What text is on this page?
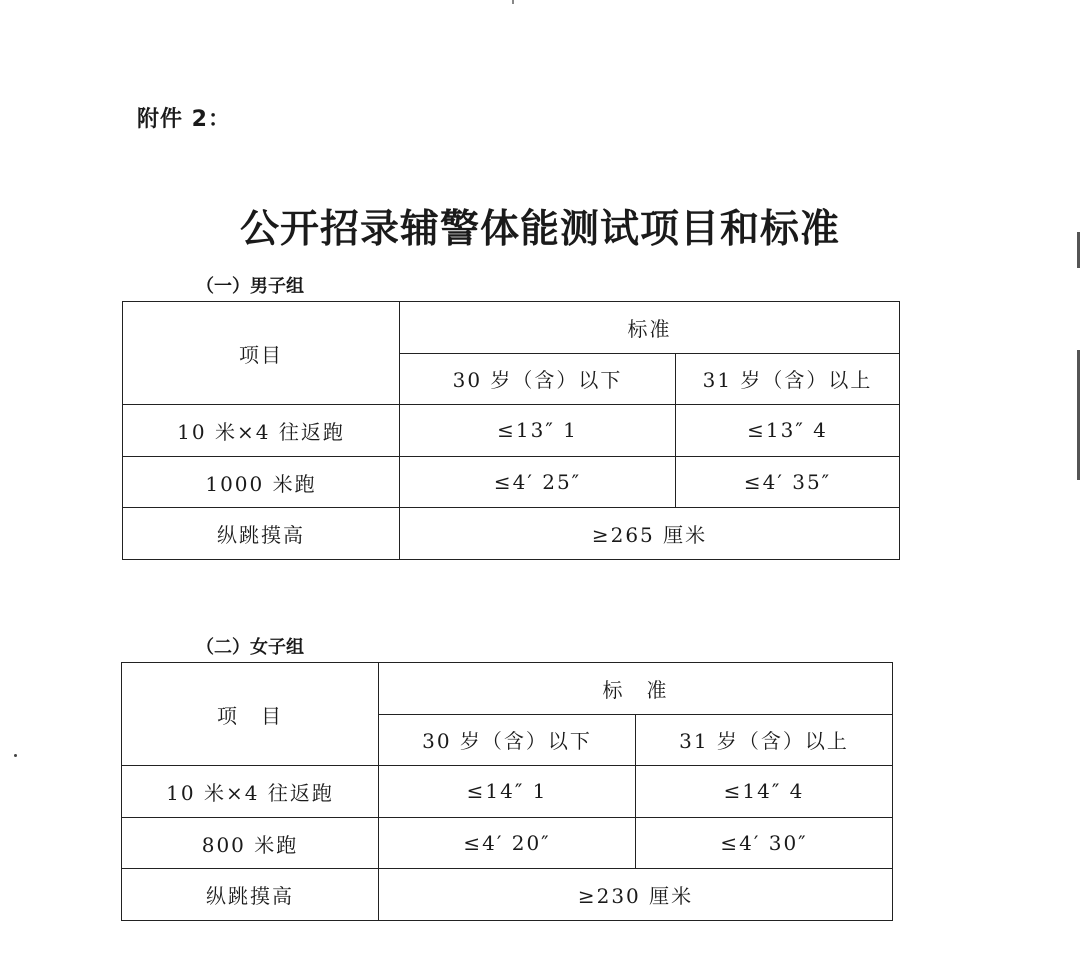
附件 2：
公开招录辅警体能测试项目和标准
（一）男子组
项目	标准	
	30 岁（含）以下	31 岁（含）以上
10 米×4 往返跑	≤13″ 1	≤13″ 4
1000 米跑	≤4′ 25″	≤4′ 35″
纵跳摸高	≥265 厘米	
（二）女子组
项　目	标　准	
	30 岁（含）以下	31 岁（含）以上
10 米×4 往返跑	≤14″ 1	≤14″ 4
800 米跑	≤4′ 20″	≤4′ 30″
纵跳摸高	≥230 厘米	
